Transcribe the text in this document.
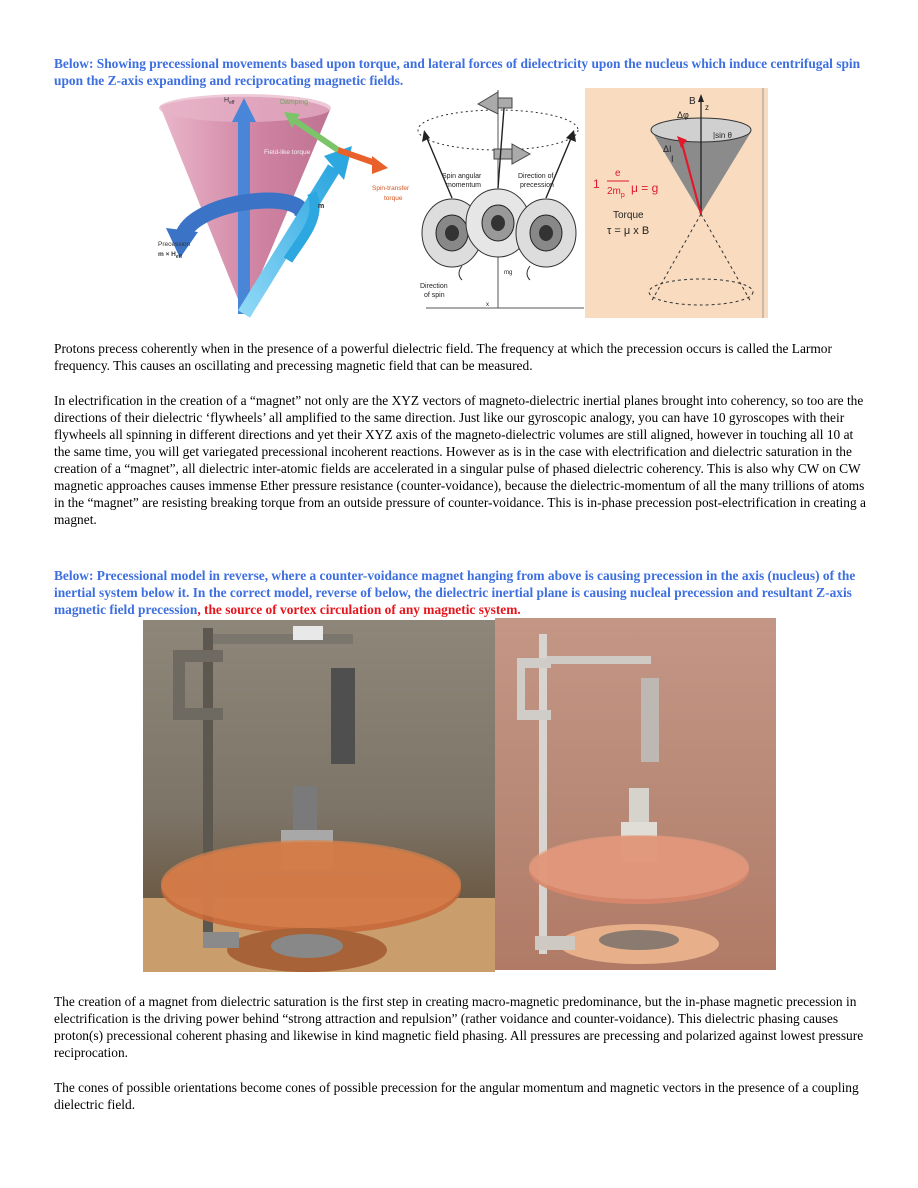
Below: Showing precessional movements based upon torque, and lateral forces of dielectricity upon the nucleus which induce centrifugal spin upon the Z-axis expanding and reciprocating magnetic fields.

$H_{eff}$	Damping
Field-like torque
Spin-transfer
torque
m
Precession
$m \times H_{eff}$
Spin angular
momentum
Direction of
precession
Direction
of spin
mg
x
B
z
Δφ
|sin θ
ΔΙ
Ι
μ = g
e
$2m_p$
1
Torque
τ = μ x B

Protons precess coherently when in the presence of a powerful dielectric field. The frequency at which the precession occurs is called the Larmor frequency. This causes an oscillating and precessing magnetic field that can be measured.

In electrification in the creation of a “magnet” not only are the XYZ vectors of magneto-dielectric inertial planes brought into coherency, so too are the directions of their dielectric ‘flywheels’ all amplified to the same direction. Just like our gyroscopic analogy, you can have 10 gyroscopes with their flywheels all spinning in different directions and yet their XYZ axis of the magneto-dielectric volumes are still aligned, however in touching all 10 at the same time, you will get variegated precessional incoherent reactions. However as is in the case with electrification and dielectric saturation in the creation of a “magnet”, all dielectric inter-atomic fields are accelerated in a singular pulse of phased dielectric coherency. This is also why CW on CW magnetic approaches causes immense Ether pressure resistance (counter-voidance), because the dielectric-momentum of all the many trillions of atoms in the “magnet” are resisting breaking torque from an outside pressure of counter-voidance. This is in-phase precession post-electrification in creating a magnet.

Below: Precessional model in reverse, where a counter-voidance magnet hanging from above is causing precession in the axis (nucleus) of the inertial system below it. In the correct model, reverse of below, the dielectric inertial plane is causing nucleal precession and resultant Z-axis magnetic field precession, the source of vortex circulation of any magnetic system.

The creation of a magnet from dielectric saturation is the first step in creating macro-magnetic predominance, but the in-phase magnetic precession in electrification is the driving power behind “strong attraction and repulsion” (rather voidance and counter-voidance). This dielectric phasing causes proton(s) precessional coherent phasing and likewise in kind magnetic field phasing. All pressures are precessing and polarized against lowest pressure reciprocation.

The cones of possible orientations become cones of possible precession for the angular momentum and magnetic vectors in the presence of a coupling dielectric field.
